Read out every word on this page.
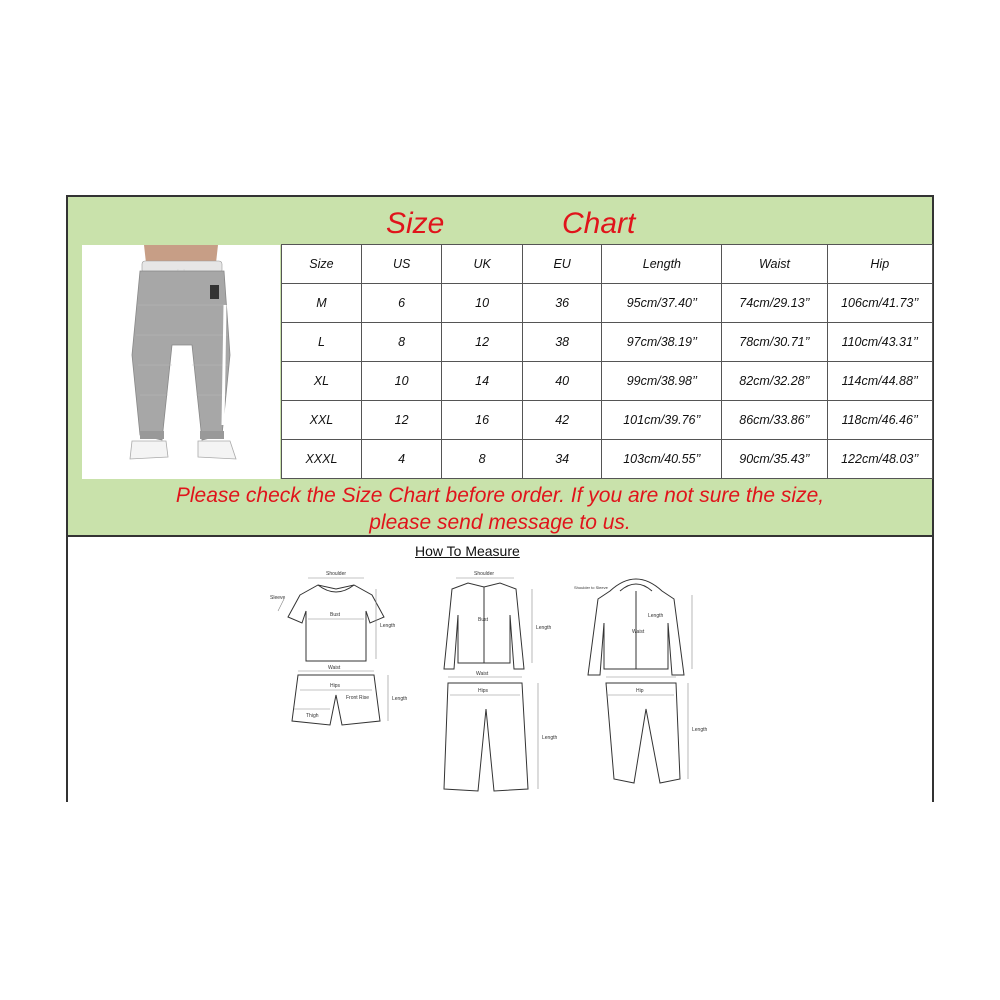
Size	Chart
Size	US	UK	EU	Length	Waist	Hip
M	6	10	36	95cm/37.40’’	74cm/29.13’’	106cm/41.73’’
L	8	12	38	97cm/38.19’’	78cm/30.71’’	110cm/43.31’’
XL	10	14	40	99cm/38.98’’	82cm/32.28’’	114cm/44.88’’
XXL	12	16	42	101cm/39.76’’	86cm/33.86’’	118cm/46.46’’
XXXL	4	8	34	103cm/40.55’’	90cm/35.43’’	122cm/48.03’’
Please check the Size Chart before order. If you are not sure the size,
please send message to us.
How To Measure
Shoulder
Bust
Length
Sleeve
Waist
Hips
Front Rise
Thigh
Length
Shoulder
Bust
Length
Waist
Hips
Length
Length
Waist
Shoulder to Sleeve
Hip
Length
